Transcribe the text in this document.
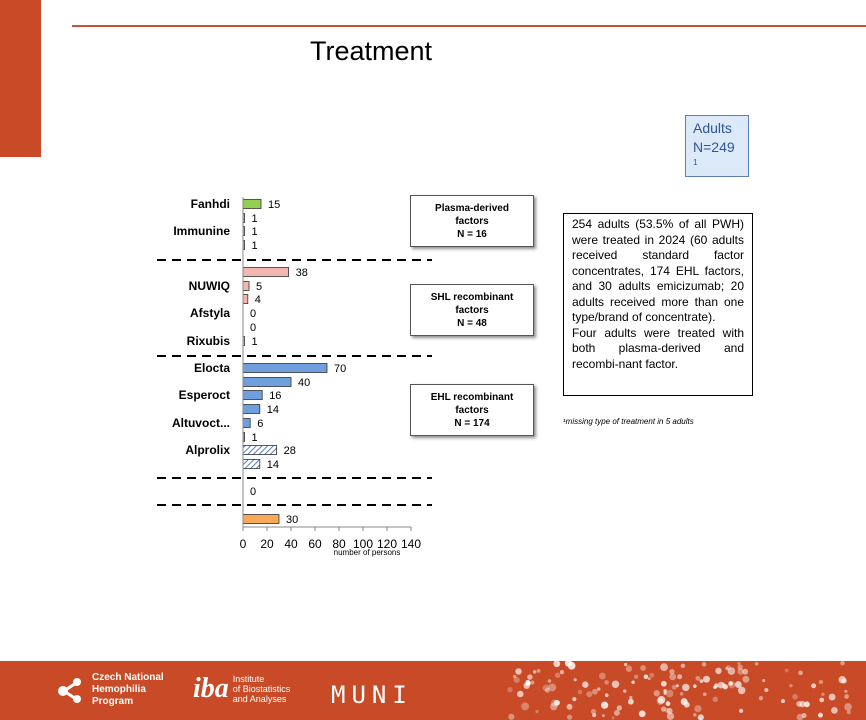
Treatment
Adults
N=249
1
15
Fanhdi
1
1
Immunine
1
38
5
NUWIQ
4
0
Afstyla
0
1
Rixubis
70
Elocta
40
16
Esperoct
14
6
Altuvoct...
1
28
Alprolix
14
0
30
0 20 40 60 80 100 120 140
number of persons
Plasma-derived
factors
N = 16
SHL recombinant
factors
N = 48
EHL recombinant
factors
N = 174

254 adults (53.5% of all PWH) were treated in 2024 (60 adults received standard factor concentrates, 174 EHL factors, and 30 adults emicizumab; 20 adults received more than one type/brand of concentrate).

Four adults were treated with both plasma-derived and recombi-nant factor.

¹missing type of treatment in 5 adults
Czech National
Hemophilia
Program	iba Institute
of Biostatistics
and Analyses MUNI
